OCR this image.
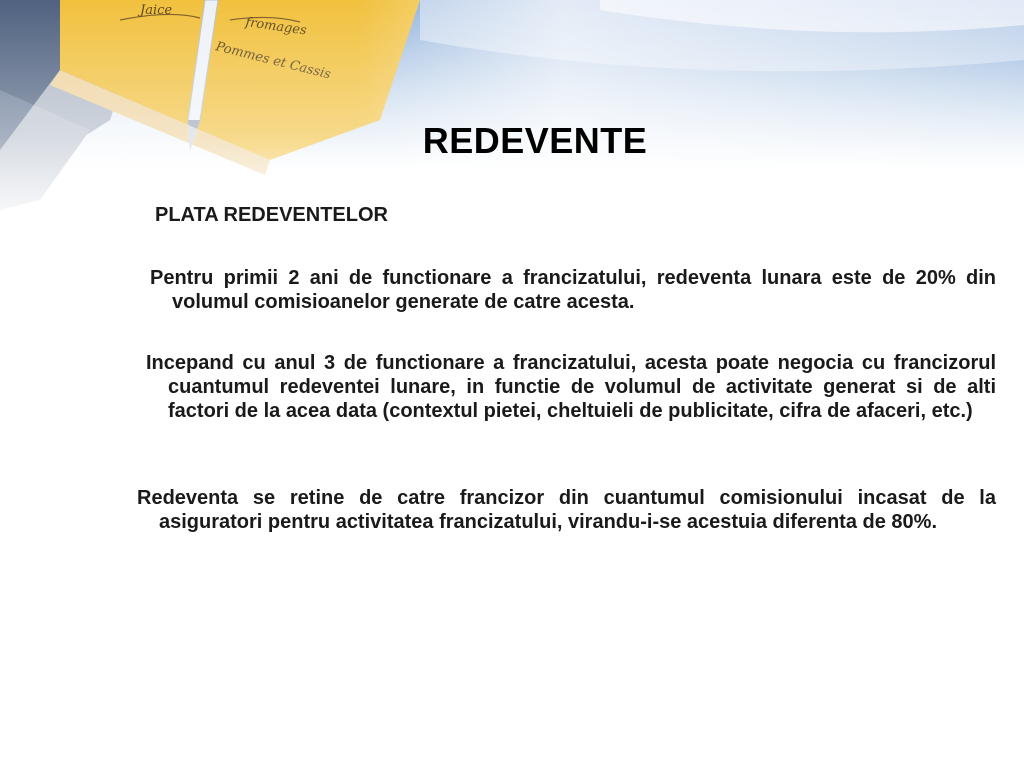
REDEVENTE
PLATA REDEVENTELOR
Pentru primii 2 ani de functionare a francizatului, redeventa lunara este de 20% din volumul comisioanelor generate de catre acesta.
Incepand cu anul 3 de functionare a francizatului, acesta poate negocia cu francizorul cuantumul redeventei lunare, in functie de volumul de activitate generat si de alti factori de la acea data (contextul pietei, cheltuieli de publicitate, cifra de afaceri, etc.)
Redeventa se retine de catre francizor din cuantumul comisionului incasat de la asiguratori pentru activitatea francizatului, virandu-i-se acestuia diferenta de 80%.
